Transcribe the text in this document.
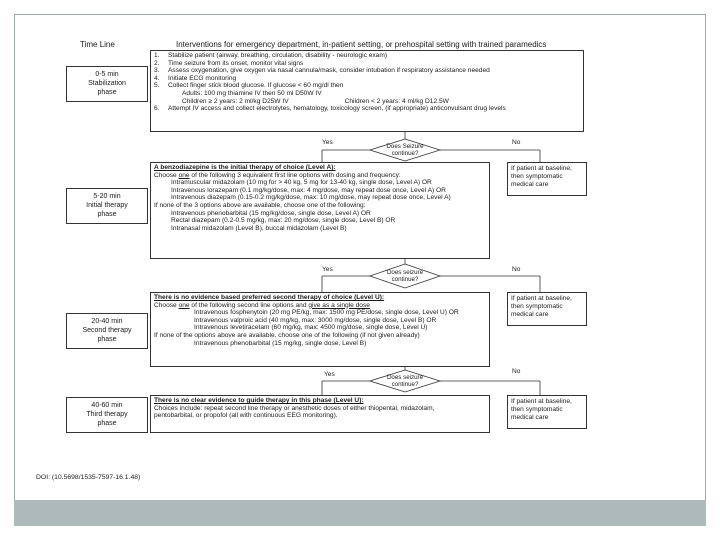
Time Line	Interventions for emergency department, in-patient setting, or prehospital setting with trained paramedics
0-5 min
Stabilization
phase
5-20 min
Initial therapy
phase
20-40 min
Second therapy
phase
40-60 min
Third therapy
phase
1. Stabilize patient (airway, breathing, circulation, disability - neurologic exam)
2. Time seizure from its onset, monitor vital signs
3. Assess oxygenation, give oxygen via nasal cannula/mask, consider intubation if respiratory assistance needed
4. Initiate ECG monitoring
5. Collect finger stick blood glucose. If glucose < 60 mg/dl then
Adults: 100 mg thiamine IV then 50 ml D50W IV
Children ≥ 2 years: 2 ml/kg D25W IV	Children < 2 years: 4 ml/kg D12.5W
6. Attempt IV access and collect electrolytes, hematology, toxicology screen, (if appropriate) anticonvulsant drug levels
Does Seizure
continue?
Does seizure
continue?
Does seizure
continue?
Yes	No
Yes	No
Yes	No
A benzodiazepine is the initial therapy of choice (Level A):
Choose one of the following 3 equivalent first line options with dosing and frequency:
Intramuscular midazolam (10 mg for > 40 kg, 5 mg for 13-40 kg, single dose, Level A) OR
Intravenous lorazepam (0.1 mg/kg/dose, max: 4 mg/dose, may repeat dose once, Level A) OR
Intravenous diazepam (0.15-0.2 mg/kg/dose, max: 10 mg/dose, may repeat dose once, Level A)
If none of the 3 options above are available, choose one of the following:
Intravenous phenobarbital (15 mg/kg/dose, single dose, Level A) OR
Rectal diazepam (0.2-0.5 mg/kg, max: 20 mg/dose, single dose, Level B) OR
Intranasal midazolam (Level B), buccal midazolam (Level B)
There is no evidence based preferred second therapy of choice (Level U):
Choose one of the following second line options and give as a single dose
Intravenous fosphenytoin (20 mg PE/kg, max: 1500 mg PE/dose, single dose, Level U) OR
Intravenous valproic acid (40 mg/kg, max: 3000 mg/dose, single dose, Level B) OR
Intravenous levetiracetam (60 mg/kg, max: 4500 mg/dose, single dose, Level U)
If none of the options above are available, choose one of the following (if not given already)
Intravenous phenobarbital (15 mg/kg, single dose, Level B)
There is no clear evidence to guide therapy in this phase (Level U):
Choices include: repeat second line therapy or anesthetic doses of either thiopental, midazolam,
pentobarbital, or propofol (all with continuous EEG monitoring).
If patient at baseline,
then symptomatic
medical care
If patient at baseline,
then symptomatic
medical care
If patient at baseline,
then symptomatic
medical care
DOI: (10.5698/1535-7597-16.1.48)
